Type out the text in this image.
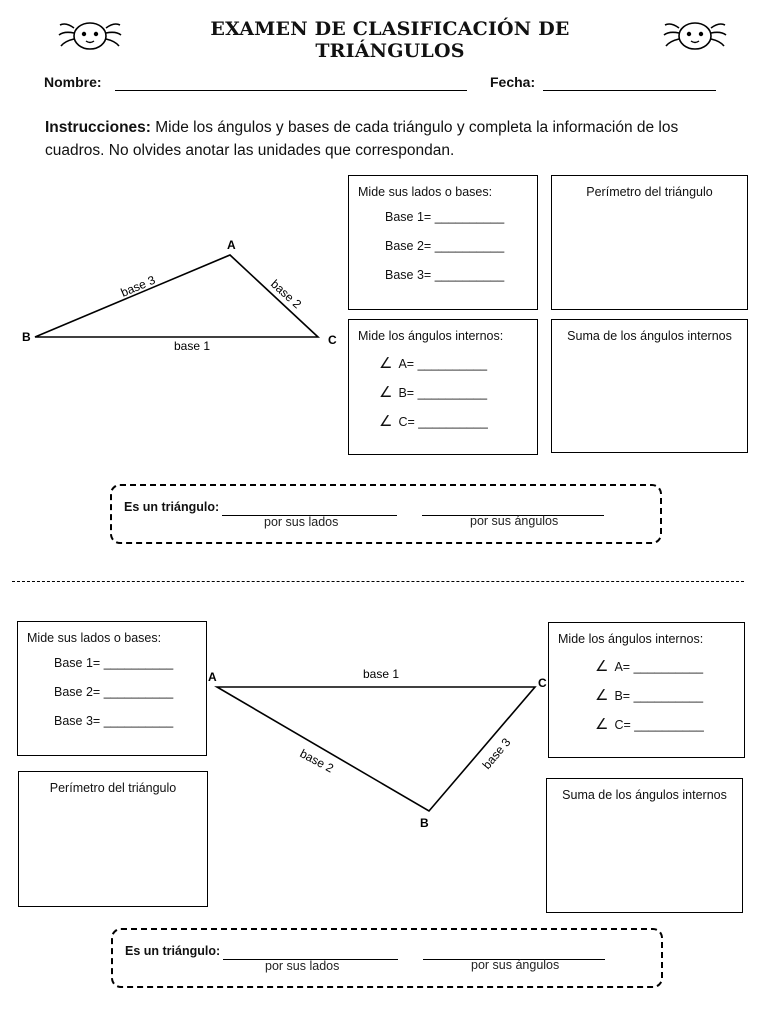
EXAMEN DE CLASIFICACIÓN DE TRIÁNGULOS
Nombre:	Fecha:
Instrucciones: Mide los ángulos y bases de cada triángulo y completa la información de los cuadros. No olvides anotar las unidades que correspondan.
A
B	C
base 1
base 2
base 3
Mide sus lados o bases:
Base 1= __________
Base 2= __________
Base 3= __________
Perímetro del triángulo
Mide los ángulos internos:
∠ A= __________
∠ B= __________
∠ C= __________
Suma de los ángulos internos
Es un triángulo:
por sus lados	por sus ángulos
Mide sus lados o bases:
Base 1= __________
Base 2= __________
Base 3= __________
Perímetro del triángulo
Mide los ángulos internos:
∠ A= __________
∠ B= __________
∠ C= __________
Suma de los ángulos internos
A	C
B
base 1
base 2	base 3
Es un triángulo:
por sus lados	por sus ángulos
